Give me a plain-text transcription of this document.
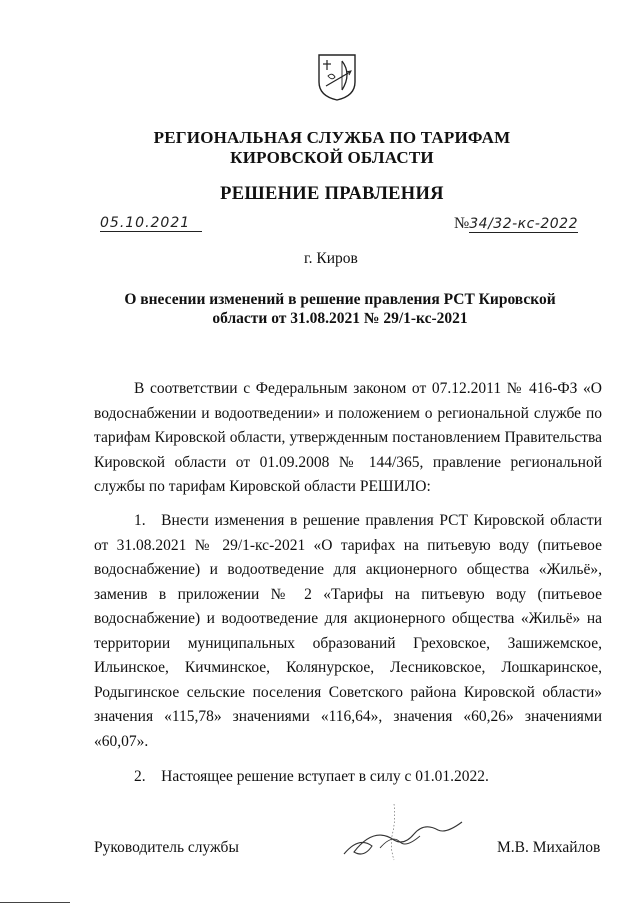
РЕГИОНАЛЬНАЯ СЛУЖБА ПО ТАРИФАМ
КИРОВСКОЙ ОБЛАСТИ
РЕШЕНИЕ ПРАВЛЕНИЯ
05.10.2021	№34/32-кс-2022
г. Киров
О внесении изменений в решение правления РСТ Кировской области от 31.08.2021 № 29/1-кс-2021
В соответствии с Федеральным законом от 07.12.2011 № 416-ФЗ «О водоснабжении и водоотведении» и положением о региональной службе по тарифам Кировской области, утвержденным постановлением Правительства Кировской области от 01.09.2008 № 144/365, правление региональной службы по тарифам Кировской области РЕШИЛО:
1. Внести изменения в решение правления РСТ Кировской области от 31.08.2021 № 29/1-кс-2021 «О тарифах на питьевую воду (питьевое водоснабжение) и водоотведение для акционерного общества «Жильё», заменив в приложении № 2 «Тарифы на питьевую воду (питьевое водоснабжение) и водоотведение для акционерного общества «Жильё» на территории муниципальных образований Греховское, Зашижемское, Ильинское, Кичминское, Колянурское, Лесниковское, Лошкаринское, Родыгинское сельские поселения Советского района Кировской области» значения «115,78» значениями «116,64», значения «60,26» значениями «60,07».
2. Настоящее решение вступает в силу с 01.01.2022.
Руководитель службы	М.В. Михайлов
